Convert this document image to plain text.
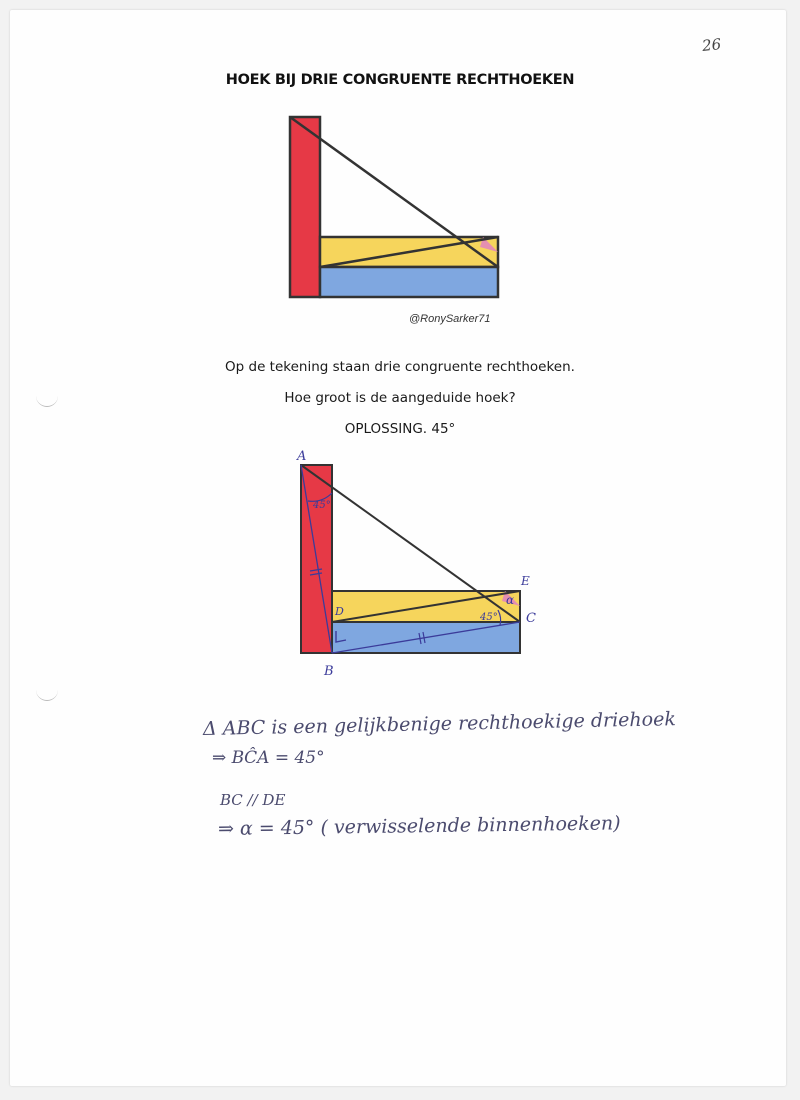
26
HOEK BIJ DRIE CONGRUENTE RECHTHOEKEN
@RonySarker71
Op de tekening staan drie congruente rechthoeken.
Hoe groot is de aangeduide hoek?
OPLOSSING. 45°
A
B
C
D
E
45°
45°
α
Δ ABC is een gelijkbenige rechthoekige driehoek
⇒ BĈA = 45°
BC // DE
⇒ α = 45° ( verwisselende binnenhoeken)
